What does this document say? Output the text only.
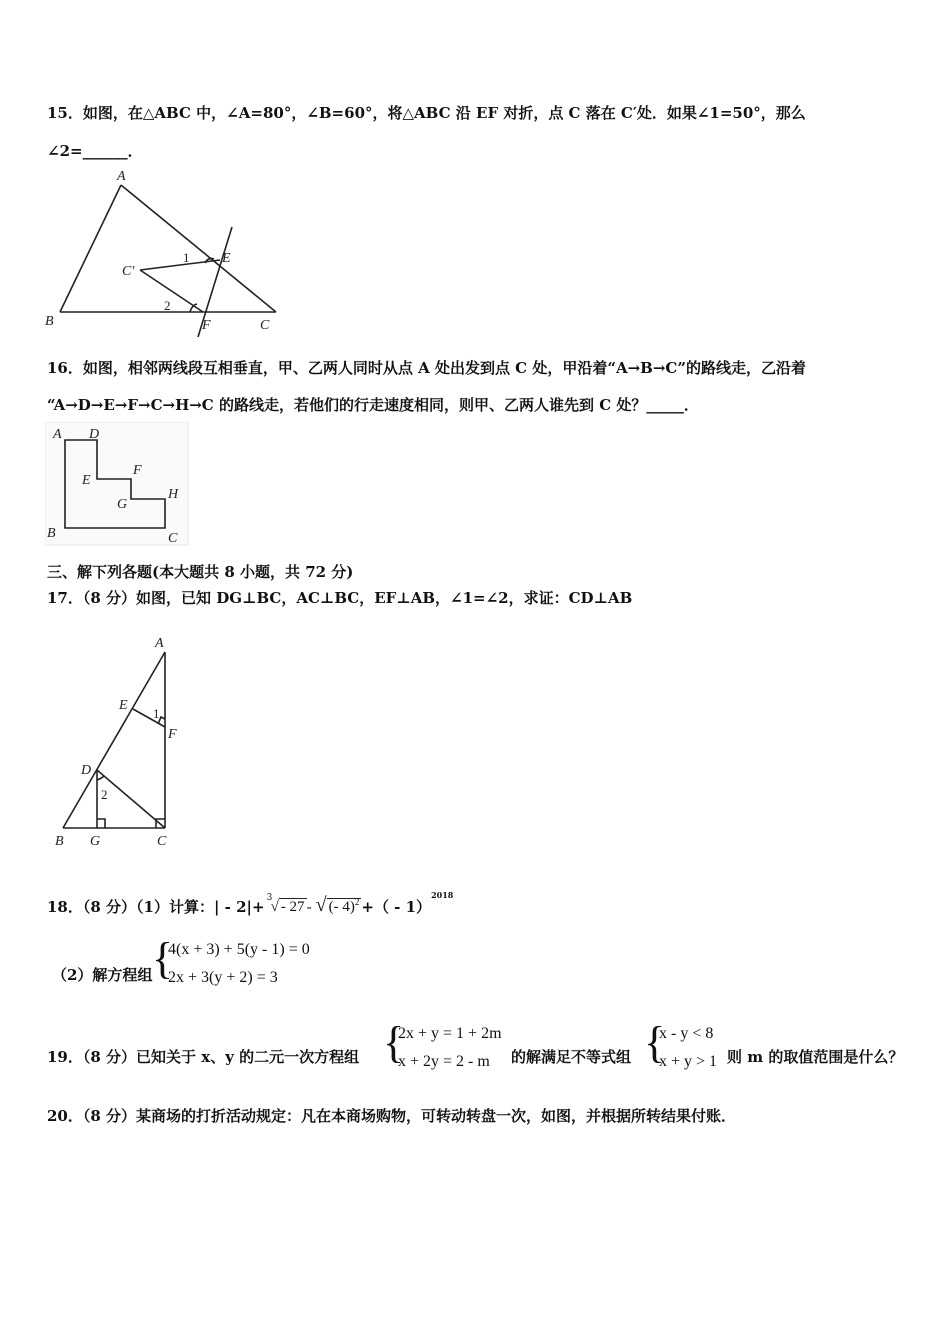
15．如图，在△ABC 中，∠A=80°，∠B=60°，将△ABC 沿 EF 对折，点 C 落在 C′处．如果∠1=50°，那么
∠2=______．
A
B	C
C′
E
F
1
2
16．如图，相邻两线段互相垂直，甲、乙两人同时从点 A 处出发到点 C 处，甲沿着“A→B→C”的路线走，乙沿着
“A→D→E→F→C→H→C 的路线走，若他们的行走速度相同，则甲、乙两人谁先到 C 处？_____．
A D
E
F
G
H
B	C
三、解下列各题(本大题共 8 小题，共 72 分)
17．（8 分）如图，已知 DG⊥BC，AC⊥BC，EF⊥AB，∠1=∠2，求证：CD⊥AB
A
E
1
F
D
2
B G	C
18．（8 分）（1）计算： | - 2|+ 3
√ - 27 - √ (- 4)$^2$ +（ - 1）
$^{2018}$
（2）解方程组 {
4(x + 3) + 5(y - 1) = 0
2x + 3(y + 2) = 3
19．（8 分）已知关于 x、y 的二元一次方程组 {
2x + y = 1 + 2m
x + 2y = 2 - m 的解满足不等式组 {
x - y < 8
x + y > 1 则 m 的取值范围是什么？
20．（8 分）某商场的打折活动规定：凡在本商场购物，可转动转盘一次，如图，并根据所转结果付账．
